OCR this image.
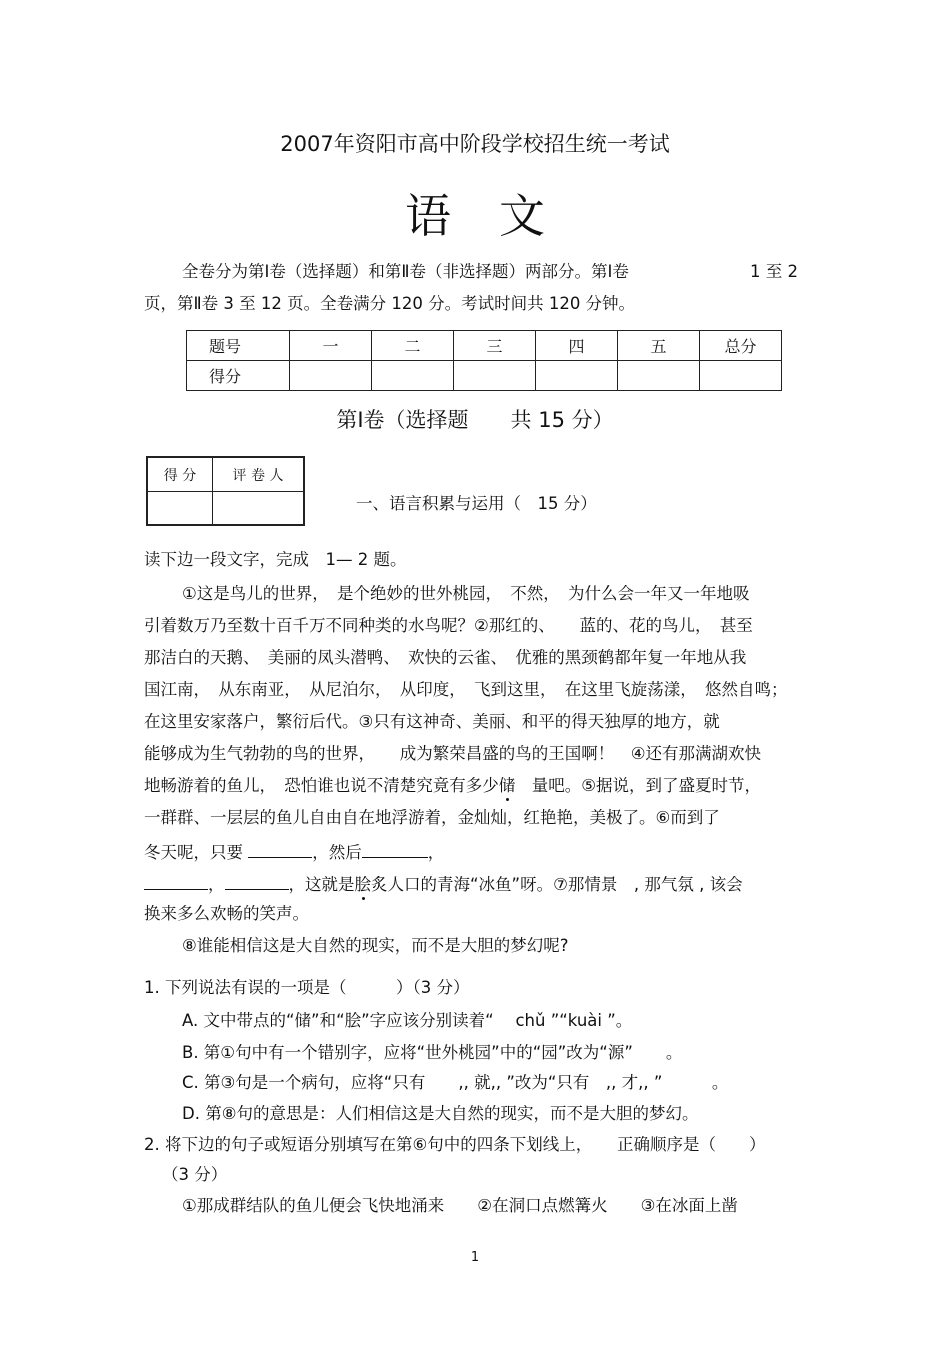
2007年资阳市高中阶段学校招生统一考试
语文
全卷分为第Ⅰ卷（选择题）和第Ⅱ卷（非选择题）两部分。第Ⅰ卷	1 至 2
页，第Ⅱ卷 3 至 12 页。全卷满分 120 分。考试时间共 120 分钟。
题号	一	二	三	四	五	总分
得分						
第Ⅰ卷（选择题　　共 15 分）
得 分	评 卷 人

一、语言积累与运用（　15 分）
读下边一段文字，完成　1— 2 题。
①这是鸟儿的世界，　是个绝妙的世外桃园，　不然，　为什么会一年又一年地吸
引着数万乃至数十百千万不同种类的水鸟呢？②那红的、　　蓝的、花的鸟儿，　甚至
那洁白的天鹅、　美丽的凤头潜鸭、　欢快的云雀、　优雅的黑颈鹤都年复一年地从我
国江南，　从东南亚，　从尼泊尔，　从印度，　飞到这里，　在这里飞旋荡漾，　悠然自鸣；
在这里安家落户，繁衍后代。③只有这神奇、美丽、和平的得天独厚的地方，就
能够成为生气勃勃的鸟的世界，　　成为繁荣昌盛的鸟的王国啊！　④还有那满湖欢快
地畅游着的鱼儿，　恐怕谁也说不清楚究竟有多少储　量吧。⑤据说，到了盛夏时节，
一群群、一层层的鱼儿自由自在地浮游着，金灿灿，红艳艳，美极了。⑥而到了
冬天呢，只要	，然后	，
，	，这就是脍炙人口的青海“冰鱼”呀。⑦那情景　, 那气氛 , 该会
换来多么欢畅的笑声。
⑧谁能相信这是大自然的现实，而不是大胆的梦幻呢?
1. 下列说法有误的一项是（　　　）（3 分）
A. 文中带点的“储”和“脍”字应该分别读着“　 chǔ ”“kuài ”。
B. 第①句中有一个错别字，应将“世外桃园”中的“园”改为“源”　　。
C. 第③句是一个病句，应将“只有　　,, 就,, ”改为“只有　,, 才,, ”　　　。
D. 第⑧句的意思是：人们相信这是大自然的现实，而不是大胆的梦幻。
2. 将下边的句子或短语分别填写在第⑥句中的四条下划线上，　　正确顺序是（　　）
（3 分）
①那成群结队的鱼儿便会飞快地涌来　　②在洞口点燃篝火　　③在冰面上凿
1
